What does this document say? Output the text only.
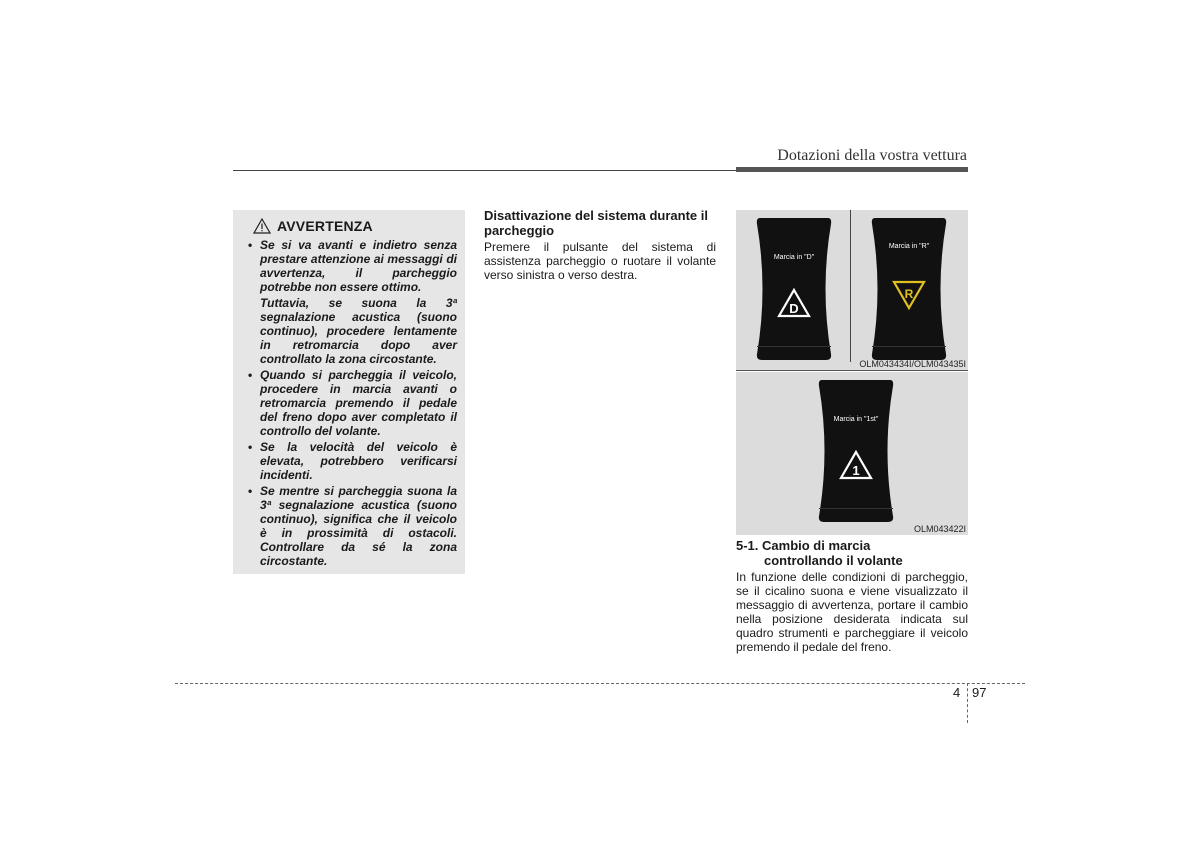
Dotazioni della vostra vettura
AVVERTENZA
• Se si va avanti e indietro senza prestare attenzione ai messaggi di avvertenza, il parcheggio potrebbe non essere ottimo.
Tuttavia, se suona la 3ª segnalazione acustica (suono continuo), procedere lentamente in retromarcia dopo aver controllato la zona circostante.
• Quando si parcheggia il veicolo, procedere in marcia avanti o retromarcia premendo il pedale del freno dopo aver completato il controllo del volante.
• Se la velocità del veicolo è elevata, potrebbero verificarsi incidenti.
• Se mentre si parcheggia suona la 3ª segnalazione acustica (suono continuo), significa che il veicolo è in prossimità di ostacoli. Controllare da sé la zona circostante.

Disattivazione del sistema durante il parcheggio

Premere il pulsante del sistema di assistenza parcheggio o ruotare il volante verso sinistra o verso destra.

Marcia in "D"
D
Marcia in "R"
R
OLM043434I/OLM043435I
Marcia in "1st"
1
OLM043422I

5-1. Cambio di marcia
controllando il volante

In funzione delle condizioni di parcheggio, se il cicalino suona e viene visualizzato il messaggio di avvertenza, portare il cambio nella posizione desiderata indicata sul quadro strumenti e parcheggiare il veicolo premendo il pedale del freno.

4 97
